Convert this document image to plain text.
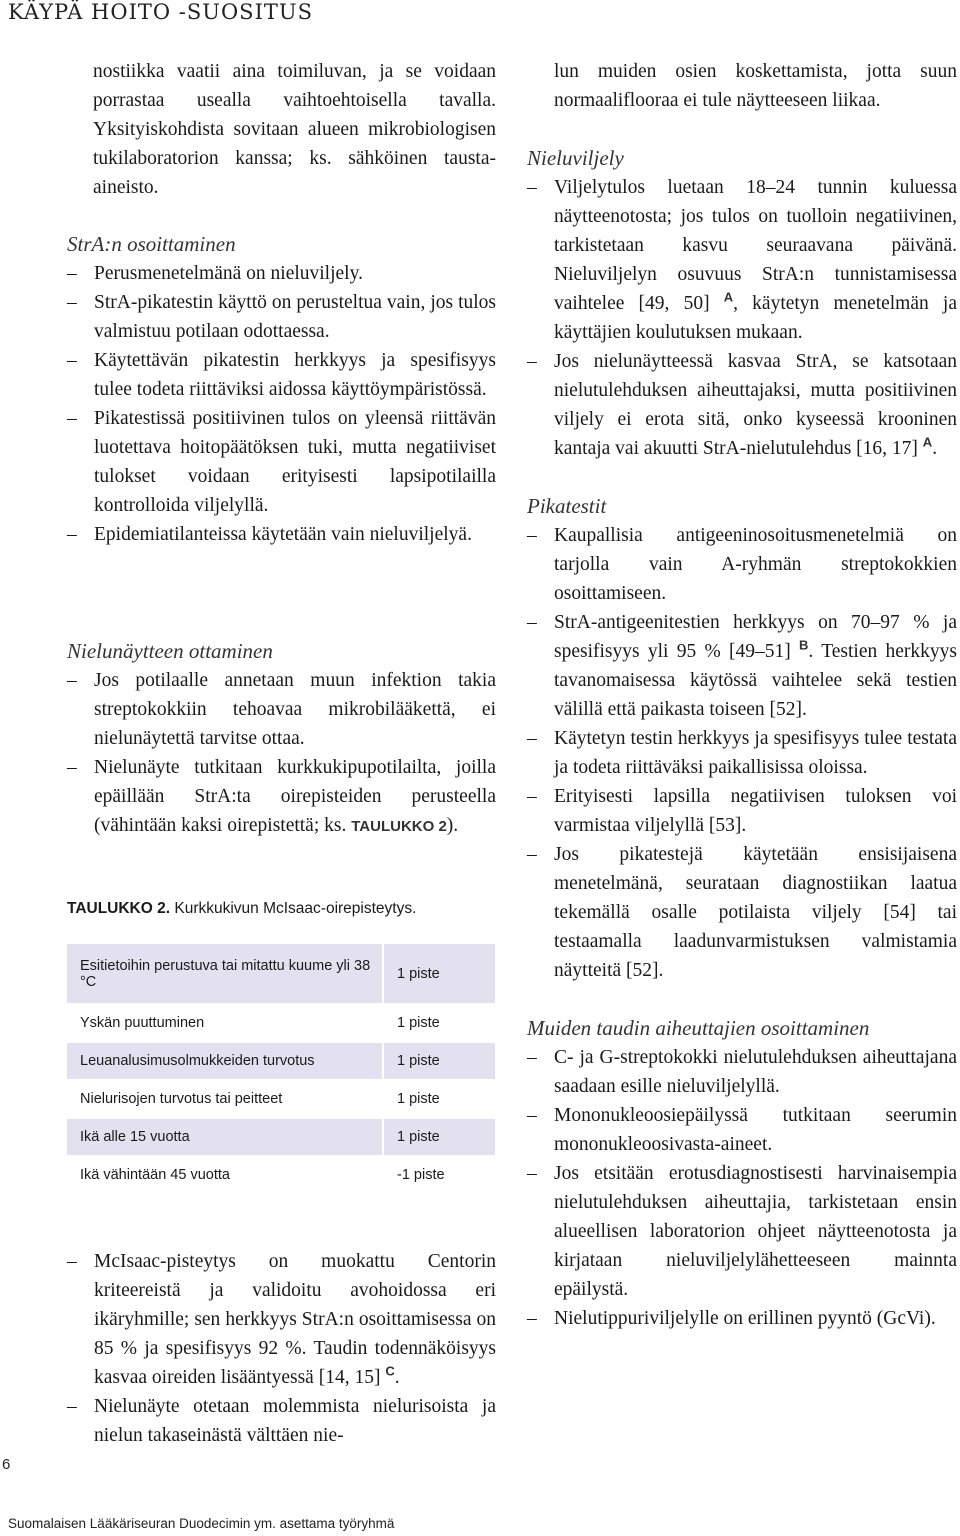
KÄYPÄ HOITO -SUOSITUS

nostiikka vaatii aina toimiluvan, ja se voidaan porrastaa usealla vaihtoehtoisella tavalla. Yksityiskohdista sovitaan alueen mikrobiologisen tukilaboratorion kanssa; ks. sähköinen tausta-aineisto.

StrA:n osoittaminen

– Perusmenetelmänä on nieluviljely.
– StrA-pikatestin käyttö on perusteltua vain, jos tulos valmistuu potilaan odottaessa.
– Käytettävän pikatestin herkkyys ja spesifisyys tulee todeta riittäviksi aidossa käyttöympäristössä.
– Pikatestissä positiivinen tulos on yleensä riittävän luotettava hoitopäätöksen tuki, mutta negatiiviset tulokset voidaan erityisesti lapsipotilailla kontrolloida viljelyllä.
– Epidemiatilanteissa käytetään vain nieluviljelyä.

Nielunäytteen ottaminen

– Jos potilaalle annetaan muun infektion takia streptokokkiin tehoavaa mikrobilääkettä, ei nielunäytettä tarvitse ottaa.
– Nielunäyte tutkitaan kurkkukipupotilailta, joilla epäillään StrA:ta oirepisteiden perusteella (vähintään kaksi oirepistettä; ks. TAULUKKO 2).
TAULUKKO 2. Kurkkukivun McIsaac-oirepisteytys.
Esitietoihin perustuva tai mitattu kuume yli 38 °C	1 piste
Yskän puuttuminen	1 piste
Leuanalusimusolmukkeiden turvotus	1 piste
Nielurisojen turvotus tai peitteet	1 piste
Ikä alle 15 vuotta	1 piste
Ikä vähintään 45 vuotta	-1 piste
– McIsaac-pisteytys on muokattu Centorin kriteereistä ja validoitu avohoidossa eri ikäryhmille; sen herkkyys StrA:n osoittamisessa on 85 % ja spesifisyys 92 %. Taudin todennäköisyys kasvaa oireiden lisääntyessä [14, 15] $^C$.
– Nielunäyte otetaan molemmista nielurisoista ja nielun takaseinästä välttäen nie-

lun muiden osien koskettamista, jotta suun normaaliflooraa ei tule näytteeseen liikaa.

Nieluviljely

– Viljelytulos luetaan 18–24 tunnin kuluessa näytteenotosta; jos tulos on tuolloin negatiivinen, tarkistetaan kasvu seuraavana päivänä. Nieluviljelyn osuvuus StrA:n tunnistamisessa vaihtelee [49, 50] $^A$, käytetyn menetelmän ja käyttäjien koulutuksen mukaan.
– Jos nielunäytteessä kasvaa StrA, se katsotaan nielutulehduksen aiheuttajaksi, mutta positiivinen viljely ei erota sitä, onko kyseessä krooninen kantaja vai akuutti StrA-nielutulehdus [16, 17] $^A$.

Pikatestit

– Kaupallisia antigeeninosoitusmenetelmiä on tarjolla vain A-ryhmän streptokokkien osoittamiseen.
– StrA-antigeenitestien herkkyys on 70–97 % ja spesifisyys yli 95 % [49–51] $^B$. Testien herkkyys tavanomaisessa käytössä vaihtelee sekä testien välillä että paikasta toiseen [52].
– Käytetyn testin herkkyys ja spesifisyys tulee testata ja todeta riittäväksi paikallisissa oloissa.
– Erityisesti lapsilla negatiivisen tuloksen voi varmistaa viljelyllä [53].
– Jos pikatestejä käytetään ensisijaisena menetelmänä, seurataan diagnostiikan laatua tekemällä osalle potilaista viljely [54] tai testaamalla laadunvarmistuksen valmistamia näytteitä [52].

Muiden taudin aiheuttajien osoittaminen

– C- ja G-streptokokki nielutulehduksen aiheuttajana saadaan esille nieluviljelyllä.
– Mononukleoosiepäilyssä tutkitaan seerumin mononukleoosivasta-aineet.
– Jos etsitään erotusdiagnostisesti harvinaisempia nielutulehduksen aiheuttajia, tarkistetaan ensin alueellisen laboratorion ohjeet näytteenotosta ja kirjataan nieluviljelylähetteeseen mainnta epäilystä.
– Nielutippuriviljelylle on erillinen pyyntö (GcVi).
6
Suomalaisen Lääkäriseuran Duodecimin ym. asettama työryhmä
